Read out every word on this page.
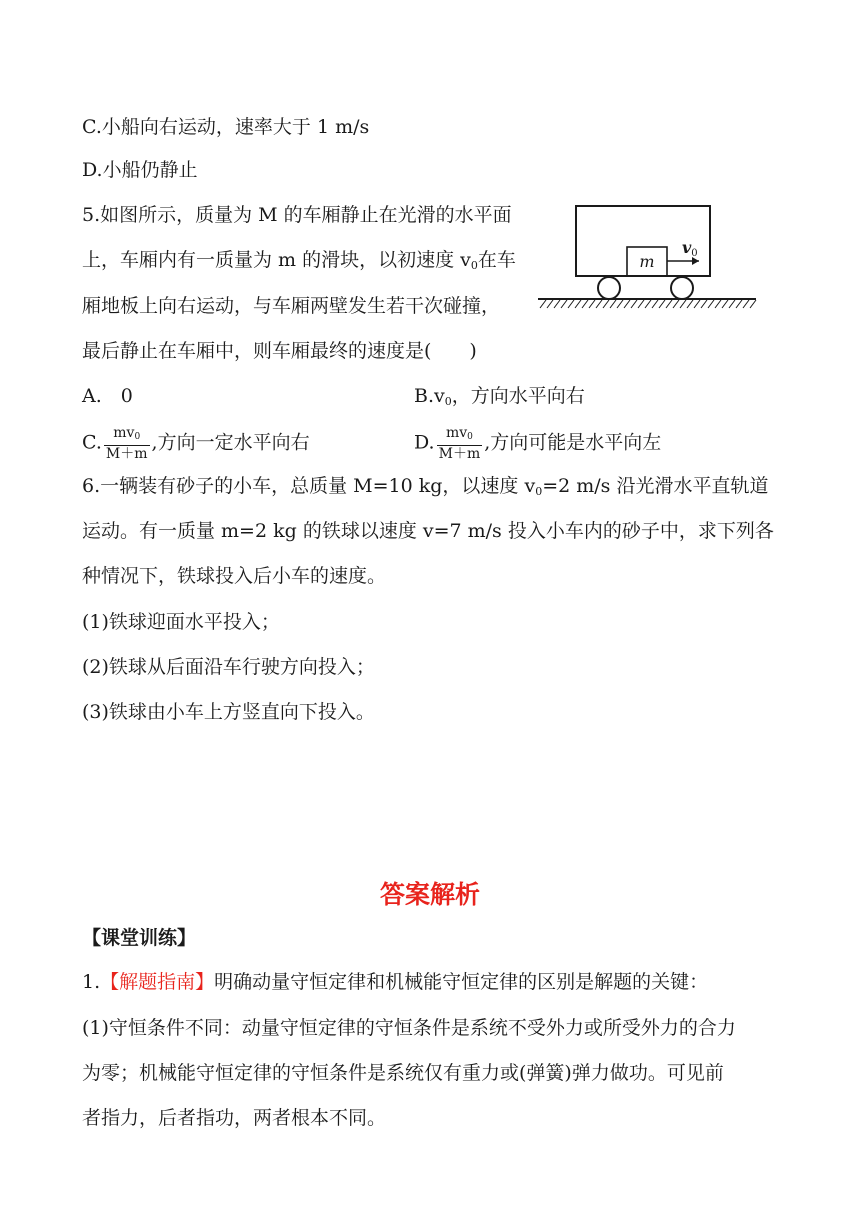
C.小船向右运动，速率大于 1 m/s
D.小船仍静止
5.如图所示，质量为 M 的车厢静止在光滑的水平面
上，车厢内有一质量为 m 的滑块，以初速度 $v_0$在车
厢地板上向右运动，与车厢两壁发生若干次碰撞，
最后静止在车厢中，则车厢最终的速度是(　　)
m
v0
A.　0	$B.v_0$，方向水平向右
C. $\frac{mv_0}{M+m}$ ,方向一定水平向右	D. $\frac{mv_0}{M+m}$ ,方向可能是水平向左
6.一辆装有砂子的小车，总质量 M=10 kg，以速度 $v_0=2$ m/s 沿光滑水平直轨道
运动。有一质量 m=2 kg 的铁球以速度 v=7 m/s 投入小车内的砂子中，求下列各
种情况下，铁球投入后小车的速度。
(1)铁球迎面水平投入；
(2)铁球从后面沿车行驶方向投入；
(3)铁球由小车上方竖直向下投入。
答案解析
【课堂训练】
1.【解题指南】明确动量守恒定律和机械能守恒定律的区别是解题的关键：
(1)守恒条件不同：动量守恒定律的守恒条件是系统不受外力或所受外力的合力
为零；机械能守恒定律的守恒条件是系统仅有重力或(弹簧)弹力做功。可见前
者指力，后者指功，两者根本不同。
